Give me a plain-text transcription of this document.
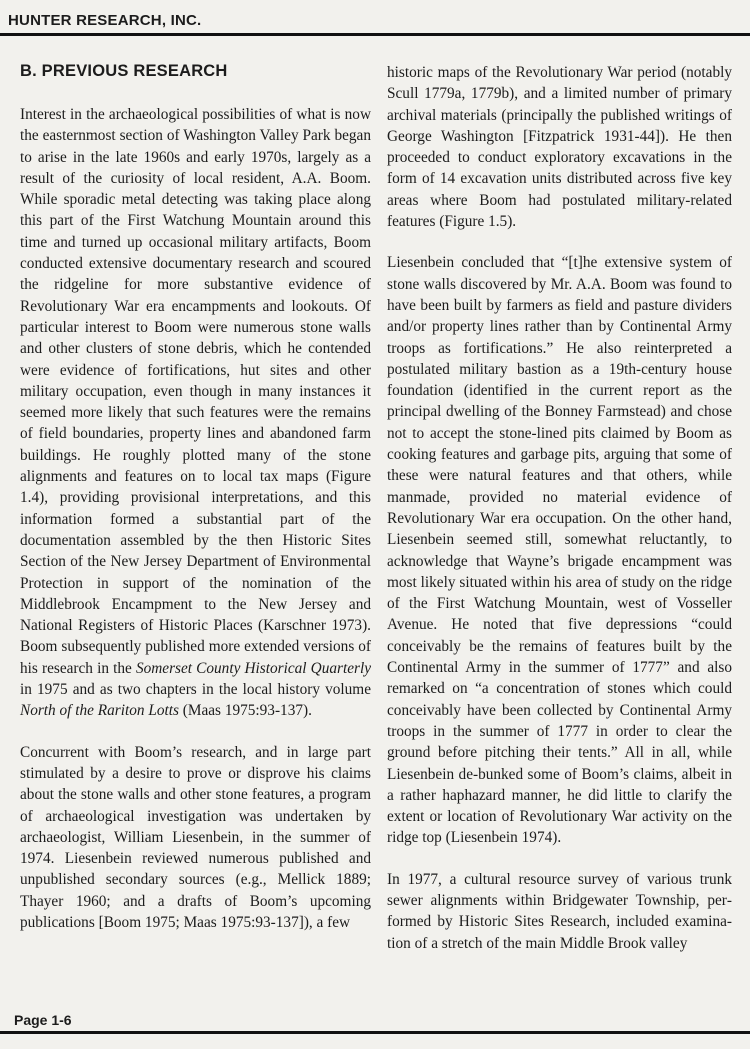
HUNTER RESEARCH, INC.
B. PREVIOUS RESEARCH

Interest in the archaeological possibilities of what is now the easternmost section of Washington Valley Park began to arise in the late 1960s and early 1970s, largely as a result of the curiosity of local resident, A.A. Boom. While sporadic metal detecting was taking place along this part of the First Watchung Mountain around this time and turned up occasional military artifacts, Boom conducted extensive documentary research and scoured the ridgeline for more substantive evidence of Revolutionary War era encampments and lookouts. Of particular interest to Boom were numerous stone walls and other clusters of stone debris, which he contended were evidence of fortifications, hut sites and other military occupation, even though in many instances it seemed more likely that such features were the remains of field boundaries, property lines and abandoned farm buildings. He roughly plotted many of the stone alignments and features on to local tax maps (Figure 1.4), providing provisional interpretations, and this information formed a substantial part of the documentation assembled by the then Historic Sites Section of the New Jersey Department of Environmental Protection in support of the nomination of the Middlebrook Encampment to the New Jersey and National Registers of Historic Places (Karschner 1973). Boom subsequently published more extended versions of his research in the Somerset County Historical Quarterly in 1975 and as two chapters in the local history volume North of the Rariton Lotts (Maas 1975:93-137).

Concurrent with Boom’s research, and in large part stimulated by a desire to prove or disprove his claims about the stone walls and other stone features, a program of archaeological investigation was undertaken by archaeologist, William Liesenbein, in the summer of 1974. Liesenbein reviewed numerous published and unpublished secondary sources (e.g., Mellick 1889; Thayer 1960; and a drafts of Boom’s upcoming publications [Boom 1975; Maas 1975:93-137]), a few

historic maps of the Revolutionary War period (notably Scull 1779a, 1779b), and a limited number of primary archival materials (principally the published writings of George Washington [Fitzpatrick 1931-44]). He then proceeded to conduct exploratory excavations in the form of 14 excavation units distributed across five key areas where Boom had postulated military-related features (Figure 1.5).

Liesenbein concluded that “[t]he extensive system of stone walls discovered by Mr. A.A. Boom was found to have been built by farmers as field and pasture dividers and/or property lines rather than by Continental Army troops as fortifications.” He also reinterpreted a postulated military bastion as a 19th-century house foundation (identified in the current report as the principal dwelling of the Bonney Farmstead) and chose not to accept the stone-lined pits claimed by Boom as cooking features and garbage pits, arguing that some of these were natural features and that others, while manmade, provided no material evidence of Revolutionary War era occupation. On the other hand, Liesenbein seemed still, somewhat reluctantly, to acknowledge that Wayne’s brigade encampment was most likely situated within his area of study on the ridge of the First Watchung Mountain, west of Vosseller Avenue. He noted that five depressions “could conceivably be the remains of features built by the Continental Army in the summer of 1777” and also remarked on “a concentration of stones which could conceivably have been collected by Continental Army troops in the summer of 1777 in order to clear the ground before pitching their tents.” All in all, while Liesenbein de-bunked some of Boom’s claims, albeit in a rather haphazard manner, he did little to clarify the extent or location of Revolutionary War activity on the ridge top (Liesenbein 1974).

In 1977, a cultural resource survey of various trunk sewer alignments within Bridgewater Township, performed by Historic Sites Research, included examination of a stretch of the main Middle Brook valley

Page 1-6
